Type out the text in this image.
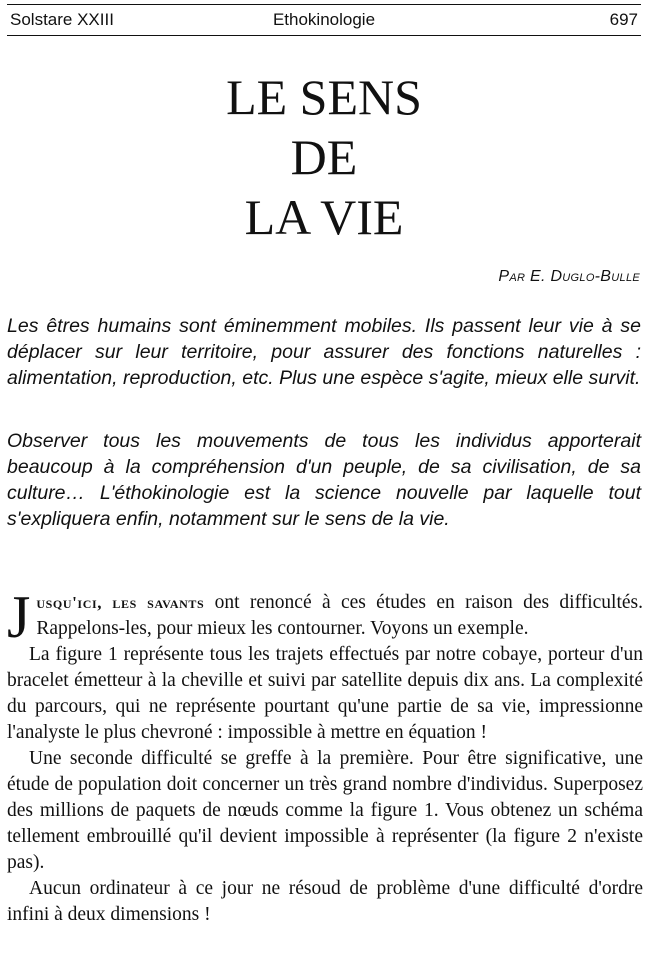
Solstare XXIII	Ethokinologie	697
LE SENS
DE
LA VIE
Par E. Duglo-Bulle

Les êtres humains sont éminemment mobiles. Ils passent leur vie à se déplacer sur leur territoire, pour assurer des fonctions naturelles : alimentation, reproduction, etc. Plus une espèce s'agite, mieux elle survit.

Observer tous les mouvements de tous les individus apporterait beaucoup à la compréhension d'un peuple, de sa civilisation, de sa culture… L'éthokinologie est la science nouvelle par laquelle tout s'expliquera enfin, notamment sur le sens de la vie.

Jusqu'ici, les savants ont renoncé à ces études en raison des difficultés. Rappelons-les, pour mieux les contourner. Voyons un exemple.

La figure 1 représente tous les trajets effectués par notre cobaye, porteur d'un bracelet émetteur à la cheville et suivi par satellite depuis dix ans. La complexité du parcours, qui ne représente pourtant qu'une partie de sa vie, impressionne l'analyste le plus chevroné : impossible à mettre en équation !

Une seconde difficulté se greffe à la première. Pour être significative, une étude de population doit concerner un très grand nombre d'individus. Superposez des millions de paquets de nœuds comme la figure 1. Vous obtenez un schéma tellement embrouillé qu'il devient impossible à représenter (la figure 2 n'existe pas).

Aucun ordinateur à ce jour ne résoud de problème d'une difficulté d'ordre infini à deux dimensions !
